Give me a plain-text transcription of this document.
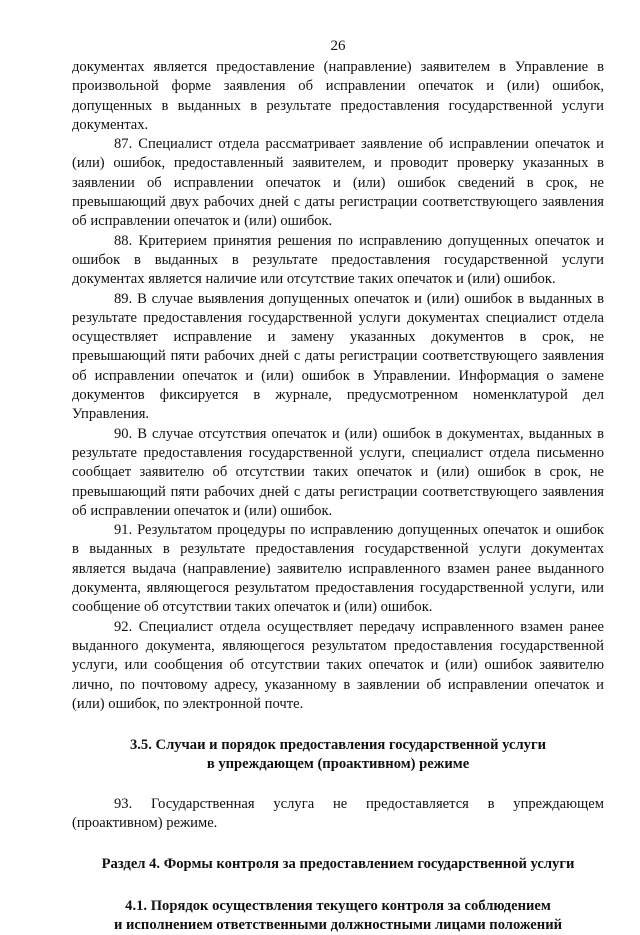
26

документах является предоставление (направление) заявителем в Управление в произвольной форме заявления об исправлении опечаток и (или) ошибок, допущенных в выданных в результате предоставления государственной услуги документах.

87. Специалист отдела рассматривает заявление об исправлении опечаток и (или) ошибок, предоставленный заявителем, и проводит проверку указанных в заявлении об исправлении опечаток и (или) ошибок сведений в срок, не превышающий двух рабочих дней с даты регистрации соответствующего заявления об исправлении опечаток и (или) ошибок.

88. Критерием принятия решения по исправлению допущенных опечаток и ошибок в выданных в результате предоставления государственной услуги документах является наличие или отсутствие таких опечаток и (или) ошибок.

89. В случае выявления допущенных опечаток и (или) ошибок в выданных в результате предоставления государственной услуги документах специалист отдела осуществляет исправление и замену указанных документов в срок, не превышающий пяти рабочих дней с даты регистрации соответствующего заявления об исправлении опечаток и (или) ошибок в Управлении. Информация о замене документов фиксируется в журнале, предусмотренном номенклатурой дел Управления.

90. В случае отсутствия опечаток и (или) ошибок в документах, выданных в результате предоставления государственной услуги, специалист отдела письменно сообщает заявителю об отсутствии таких опечаток и (или) ошибок в срок, не превышающий пяти рабочих дней с даты регистрации соответствующего заявления об исправлении опечаток и (или) ошибок.

91. Результатом процедуры по исправлению допущенных опечаток и ошибок в выданных в результате предоставления государственной услуги документах является выдача (направление) заявителю исправленного взамен ранее выданного документа, являющегося результатом предоставления государственной услуги, или сообщение об отсутствии таких опечаток и (или) ошибок.

92. Специалист отдела осуществляет передачу исправленного взамен ранее выданного документа, являющегося результатом предоставления государственной услуги, или сообщения об отсутствии таких опечаток и (или) ошибок заявителю лично, по почтовому адресу, указанному в заявлении об исправлении опечаток и (или) ошибок, по электронной почте.

3.5. Случаи и порядок предоставления государственной услуги
в упреждающем (проактивном) режиме

93. Государственная услуга не предоставляется в упреждающем (проактивном) режиме.

Раздел 4. Формы контроля за предоставлением государственной услуги
4.1. Порядок осуществления текущего контроля за соблюдением
и исполнением ответственными должностными лицами положений
